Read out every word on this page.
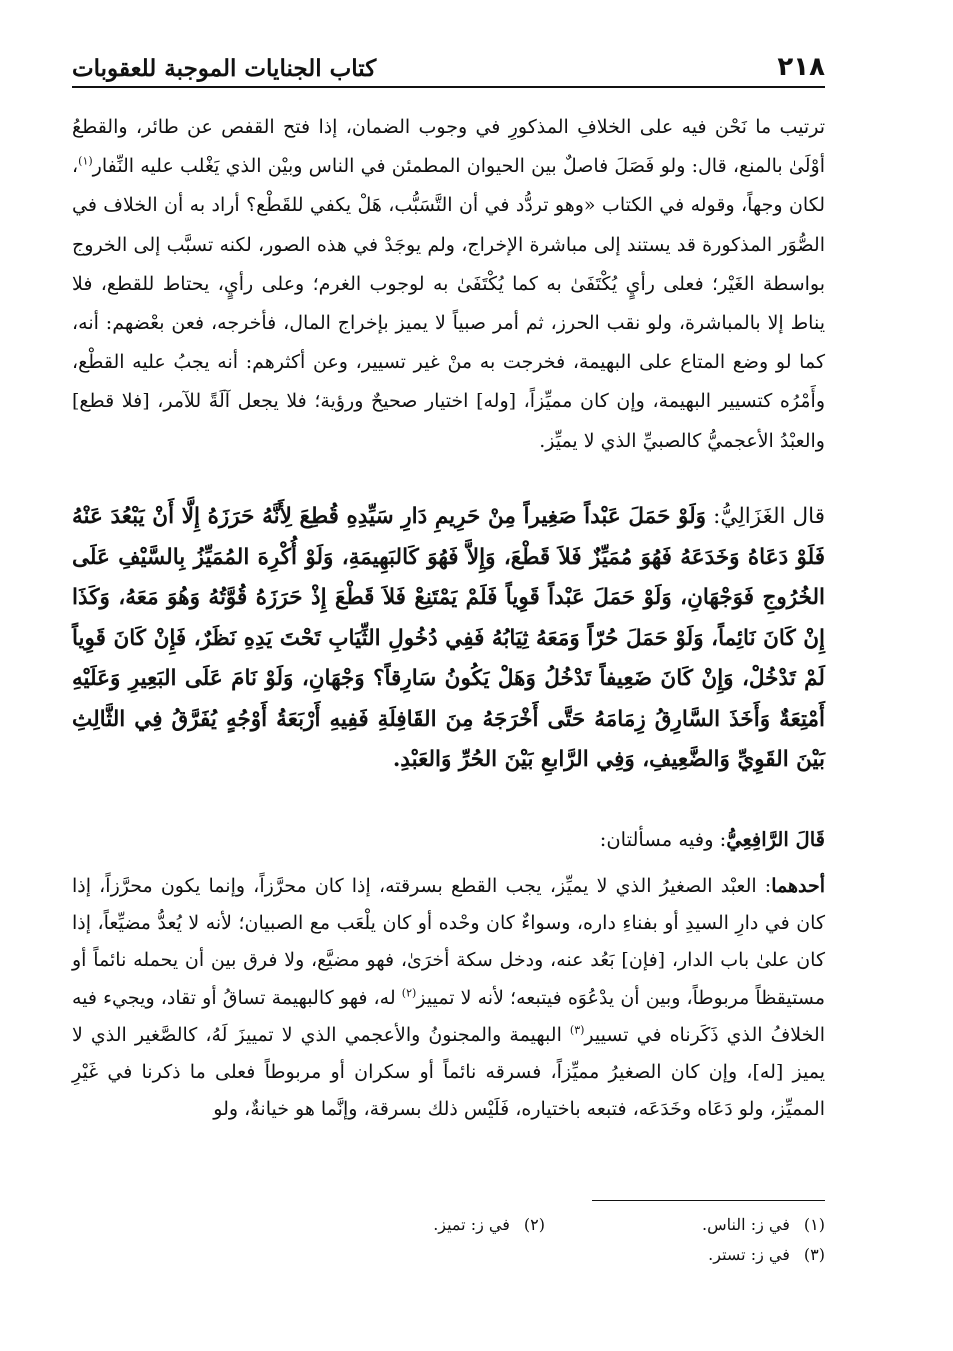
٢١٨
كتاب الجنايات الموجبة للعقوبات

ترتيب ما نَحْن فيه على الخلافِ المذكورِ في وجوب الضمان، إذا فتح القفص عن طائر، والقطعُ أوْلَىٰ بالمنع، قال: ولو فَصَلَ فاصلٌ بين الحيوان المطمئن في الناس وبيْن الذي يَغْلب عليه النِّفار$^{(١)}$، لكان وجهاً، وقوله في الكتاب «وهو تردُّد في أن التَّسَبُّب، هَلْ يكفي للقَطْع؟ أراد به أن الخلاف في الصُّوَر المذكورة قد يستند إلى مباشرة الإخراج، ولم يوجَدْ في هذه الصور، لكنه تسبَّب إلى الخروج بواسطة الغَيْر؛ فعلى رأيٍ يُكْتَفَىٰ به كما يُكْتَفَىٰ به لوجوب الغرم؛ وعلى رأيٍ، يحتاط للقطع، فلا يناط إلا بالمباشرة، ولو نقب الحرز، ثم أمر صبياً لا يميز بإخراج المال، فأخرجه، فعن بعْضهم: أنه، كما لو وضع المتاع على البهيمة، فخرجت به منْ غير تسيير، وعن أكثرهم: أنه يجبُ عليه القطْع، وأَمْرُه كتسيير البهيمة، وإن كان مميِّزاً، [وله] اختيار صحيحٌ ورؤية؛ فلا يجعل آلَةً للآمر، [فلا قطع] والعبْدُ الأعجميُّ كالصبيِّ الذي لا يميِّز.

قال الغَزَالِيُّ: وَلَوْ حَمَلَ عَبْداً صَغِيراً مِنْ حَرِيمِ دَارِ سَيِّدِهِ قُطِعَ لِأَنَّهُ حَرَزَهُ إِلَّا أَنْ يَبْعُدَ عَنْهُ فَلَوْ دَعَاهُ وَخَدَعَهُ فَهُوَ مُمَيِّزٌ فَلاَ قَطْعَ، وَإِلاَّ فَهُوَ كَالبَهِيمَةِ، وَلَوْ أُكْرِهَ المُمَيِّزُ بِالسَّيْفِ عَلَى الخُرُوجِ فَوَجْهَانِ، وَلَوْ حَمَلَ عَبْداً قَوِياً فَلَمْ يَمْتَنِعْ فَلاَ قَطْعَ إِذْ حَرَزَهُ قُوَّتُهُ وَهُوَ مَعَهُ، وَكَذَا إِنْ كَانَ نَائِماً، وَلَوْ حَمَلَ حُرّاً وَمَعَهُ ثِيَابُهُ فَفِي دُخُولِ الثِّيَابِ تَحْتَ يَدِهِ نَظَرٌ، فَإِنْ كَانَ قَوِياً لَمْ تَدْخُلْ، وَإِنْ كَانَ ضَعِيفاً تَدْخُلُ وَهَلْ يَكُونُ سَارِقاً؟ وَجْهَانِ، وَلَوْ نَامَ عَلَى البَعِيرِ وَعَلَيْهِ أَمْتِعَةٌ وَأَخَذَ السَّارِقُ زِمَامَهُ حَتَّى أَخْرَجَهُ مِنَ القَافِلَةِ فَفِيهِ أَرْبَعَةُ أَوْجُهٍ يُفَرَّقُ فِي الثَّالِثِ بَيْنَ القَوِيِّ وَالضَّعِيفِ، وَفِي الرَّابعِ بَيْنَ الحُرِّ وَالعَبْدِ.

قَالَ الرَّافِعِيُّ: وفيه مسألتان:

أحدهما: العبْد الصغيرُ الذي لا يميِّز، يجب القطع بسرقته، إذا كان محرَّزاً، وإنما يكون محرَّزاً، إذا كان في دارِ السيدِ أو بفناءِ داره، وسواءٌ كان وحْده أو كان يلْعَب مع الصبيان؛ لأنه لا يُعدُّ مضيِّعاً، إذا كان علىٰ باب الدار، [فإن] بَعُد عنه، ودخل سكة أخرَىٰ، فهو مضيَّع، ولا فرق بين أن يحمله نائماً أو مستيقظاً مربوطاً، وبين أن يدْعُوَه فيتبعه؛ لأنه لا تمييز$^{(٢)}$ له، فهو كالبهيمة تساقُ أو تقاد، ويجيء فيه الخلافُ الذي ذَكَرناه في تسيير$^{(٣)}$ البهيمة والمجنونُ والأعجمي الذي لا تمييزَ لَهُ، كالصَّغير الذي لا يميز [له]، وإن كان الصغيرُ مميِّزاً، فسرقه نائماً أو سكران أو مربوطاً فعلى ما ذكرنا في غَيْرِ المميِّز، ولو دَعَاه وخَدَعَه، فتبعه باختياره، فَلَيْس ذلك بسرقة، وإنَّما هو خيانةٌ، ولو

(١)في ز: الناس.
(٢)في ز: تميز.
(٣)في ز: تستر.
